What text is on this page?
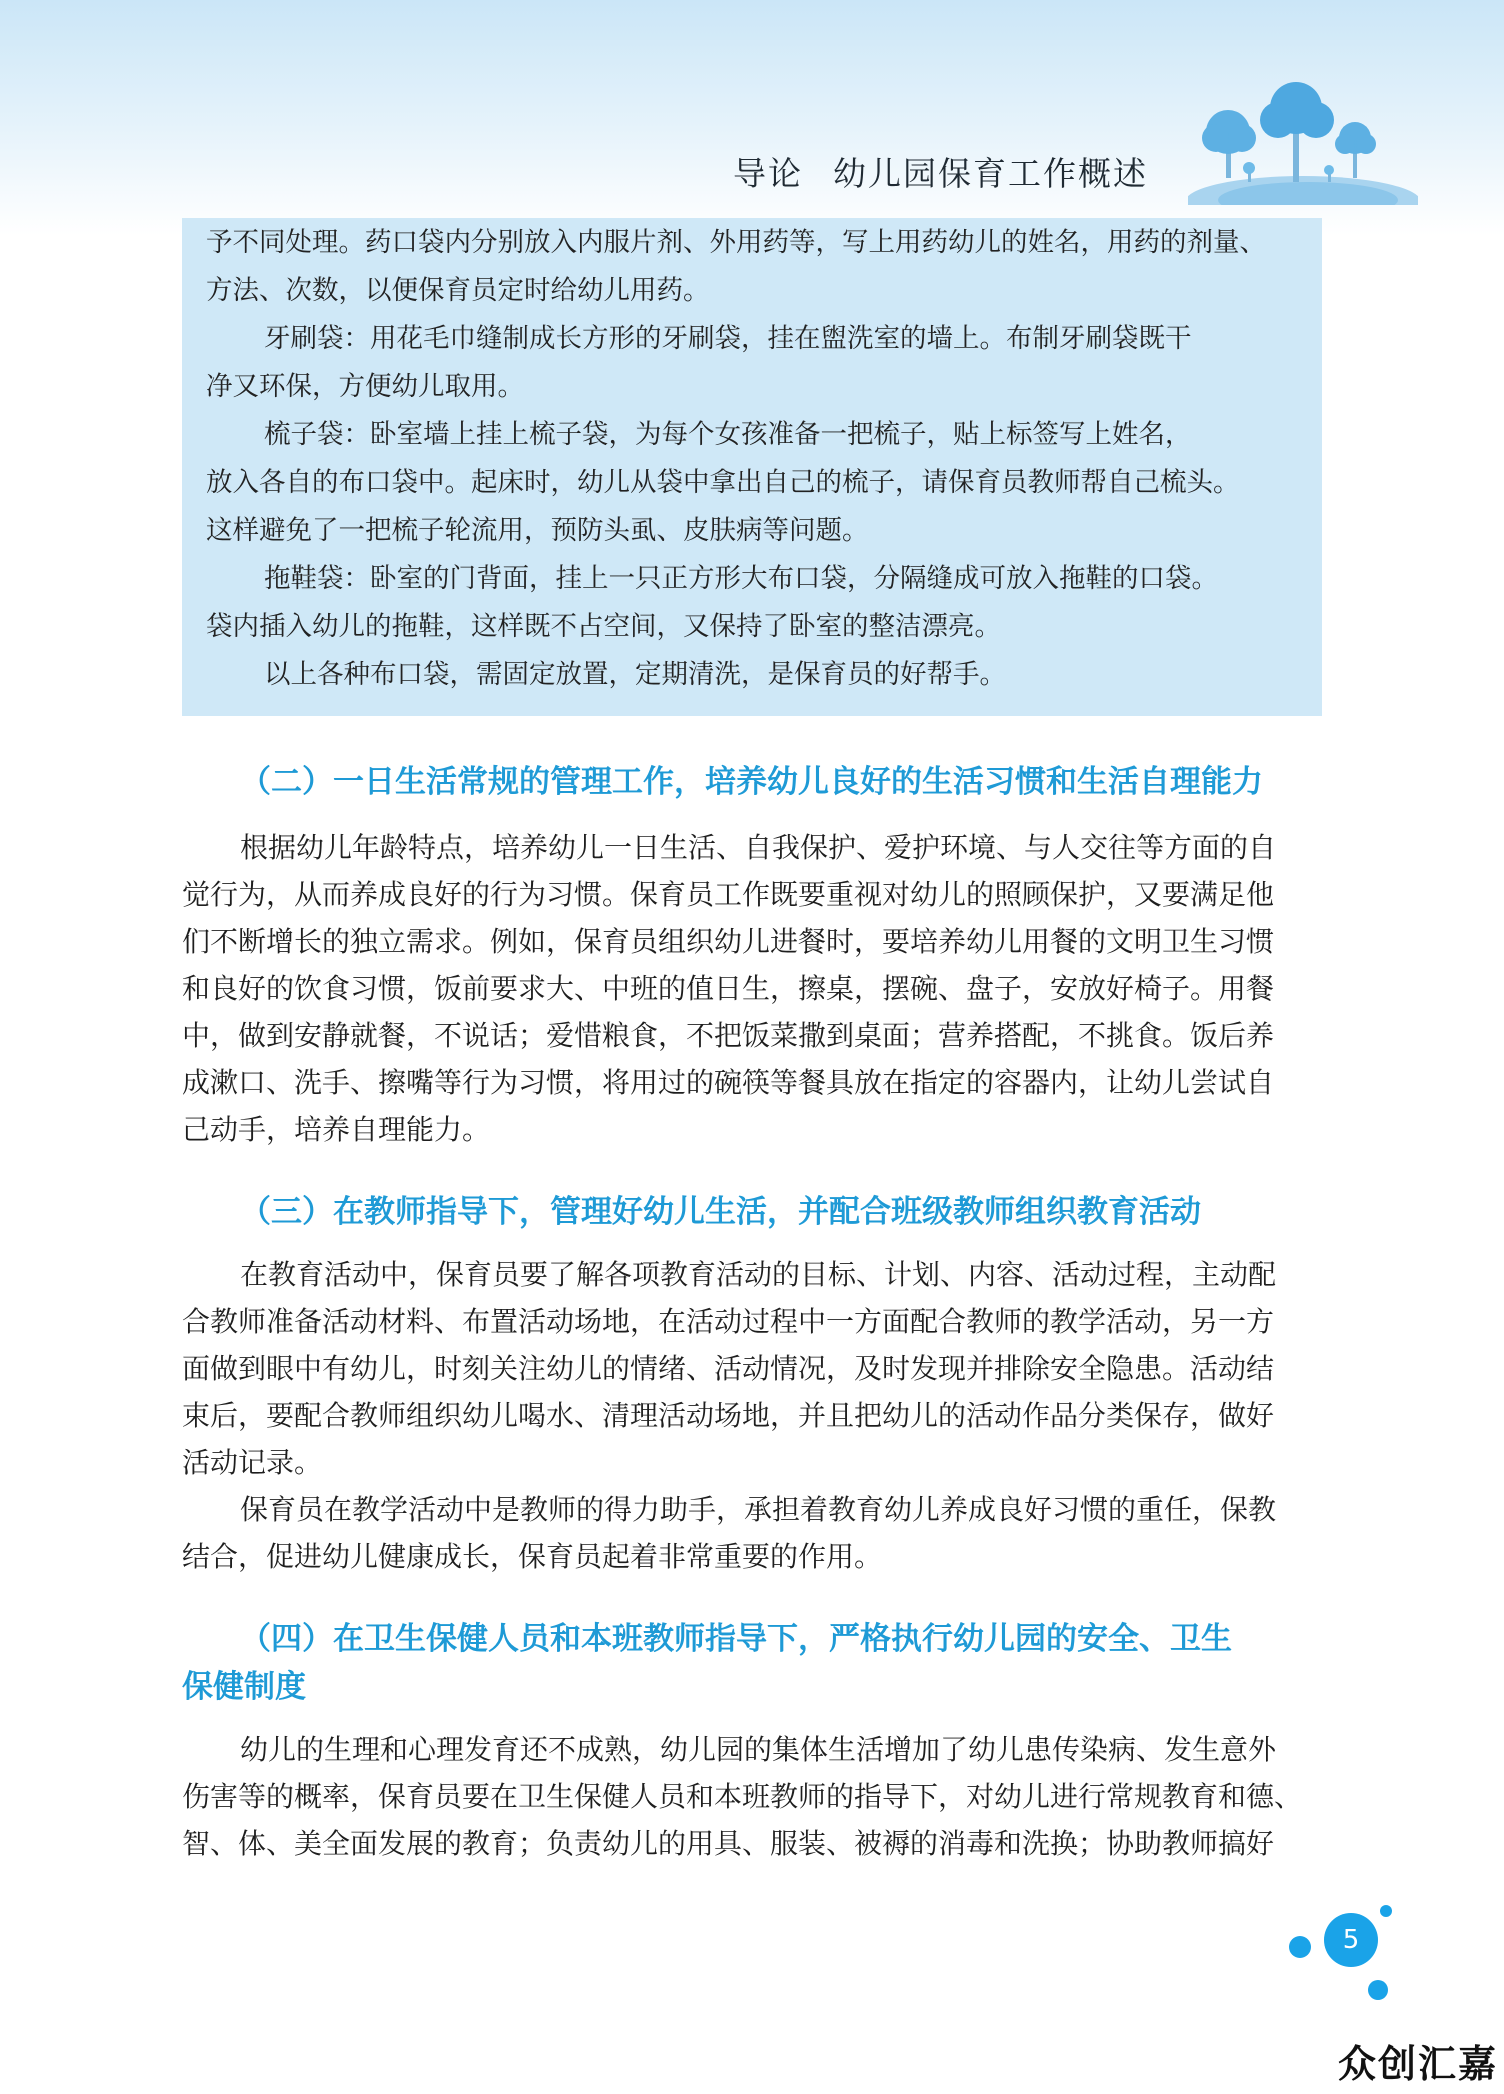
导论 幼儿园保育工作概述
予不同处理。药口袋内分别放入内服片剂、外用药等，写上用药幼儿的姓名，用药的剂量、
方法、次数，以便保育员定时给幼儿用药。
牙刷袋：用花毛巾缝制成长方形的牙刷袋，挂在盥洗室的墙上。布制牙刷袋既干
净又环保，方便幼儿取用。
梳子袋：卧室墙上挂上梳子袋，为每个女孩准备一把梳子，贴上标签写上姓名，
放入各自的布口袋中。起床时，幼儿从袋中拿出自己的梳子，请保育员教师帮自己梳头。
这样避免了一把梳子轮流用，预防头虱、皮肤病等问题。
拖鞋袋：卧室的门背面，挂上一只正方形大布口袋，分隔缝成可放入拖鞋的口袋。
袋内插入幼儿的拖鞋，这样既不占空间，又保持了卧室的整洁漂亮。
以上各种布口袋，需固定放置，定期清洗，是保育员的好帮手。
（二）一日生活常规的管理工作，培养幼儿良好的生活习惯和生活自理能力
根据幼儿年龄特点，培养幼儿一日生活、自我保护、爱护环境、与人交往等方面的自
觉行为，从而养成良好的行为习惯。保育员工作既要重视对幼儿的照顾保护，又要满足他
们不断增长的独立需求。例如，保育员组织幼儿进餐时，要培养幼儿用餐的文明卫生习惯
和良好的饮食习惯，饭前要求大、中班的值日生，擦桌，摆碗、盘子，安放好椅子。用餐
中，做到安静就餐，不说话；爱惜粮食，不把饭菜撒到桌面；营养搭配，不挑食。饭后养
成漱口、洗手、擦嘴等行为习惯，将用过的碗筷等餐具放在指定的容器内，让幼儿尝试自
己动手，培养自理能力。
（三）在教师指导下，管理好幼儿生活，并配合班级教师组织教育活动
在教育活动中，保育员要了解各项教育活动的目标、计划、内容、活动过程，主动配
合教师准备活动材料、布置活动场地，在活动过程中一方面配合教师的教学活动，另一方
面做到眼中有幼儿，时刻关注幼儿的情绪、活动情况，及时发现并排除安全隐患。活动结
束后，要配合教师组织幼儿喝水、清理活动场地，并且把幼儿的活动作品分类保存，做好
活动记录。
保育员在教学活动中是教师的得力助手，承担着教育幼儿养成良好习惯的重任，保教
结合，促进幼儿健康成长，保育员起着非常重要的作用。
（四）在卫生保健人员和本班教师指导下，严格执行幼儿园的安全、卫生
保健制度
幼儿的生理和心理发育还不成熟，幼儿园的集体生活增加了幼儿患传染病、发生意外
伤害等的概率，保育员要在卫生保健人员和本班教师的指导下，对幼儿进行常规教育和德、
智、体、美全面发展的教育；负责幼儿的用具、服装、被褥的消毒和洗换；协助教师搞好
5
众创汇嘉
